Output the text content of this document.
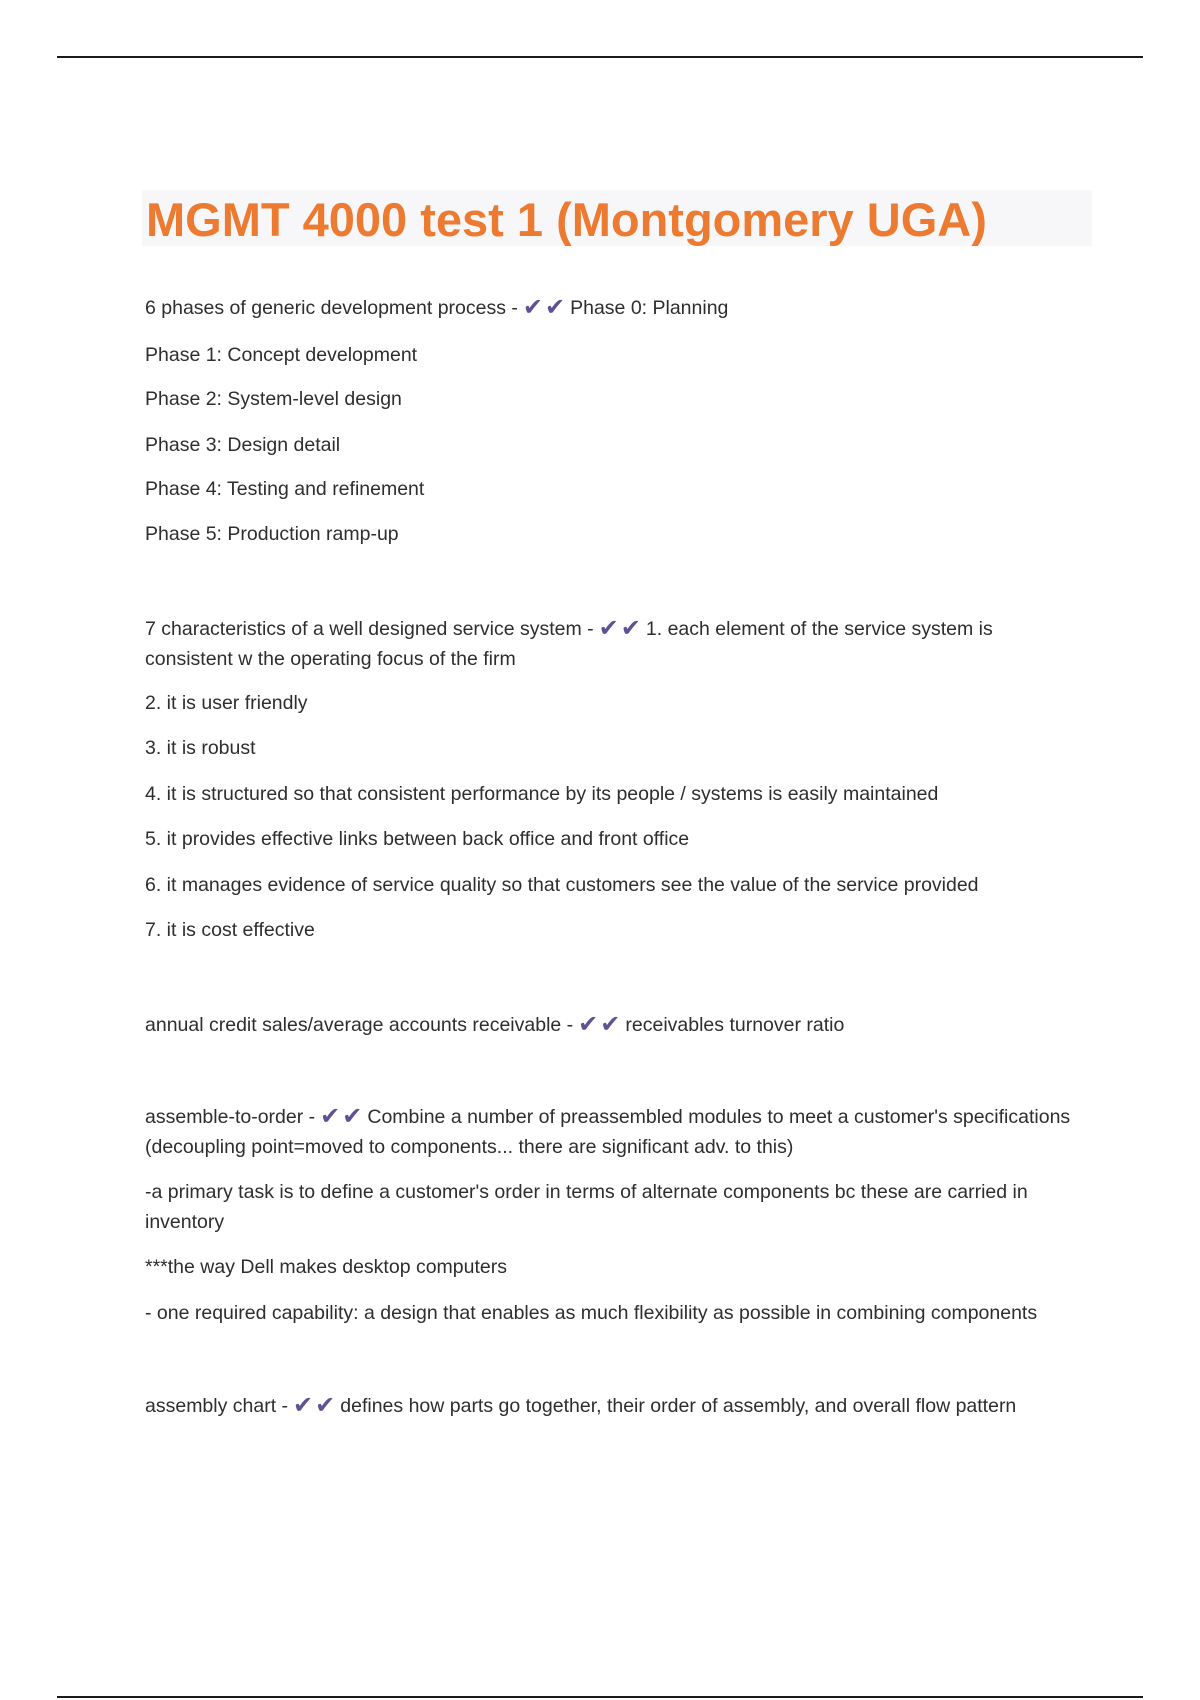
MGMT 4000 test 1 (Montgomery UGA)
6 phases of generic development process - ✔✔ Phase 0: Planning
Phase 1: Concept development
Phase 2: System-level design
Phase 3: Design detail
Phase 4: Testing and refinement
Phase 5: Production ramp-up
7 characteristics of a well designed service system - ✔✔ 1. each element of the service system is consistent w the operating focus of the firm
2. it is user friendly
3. it is robust
4. it is structured so that consistent performance by its people / systems is easily maintained
5. it provides effective links between back office and front office
6. it manages evidence of service quality so that customers see the value of the service provided
7. it is cost effective
annual credit sales/average accounts receivable - ✔✔ receivables turnover ratio
assemble-to-order - ✔✔ Combine a number of preassembled modules to meet a customer's specifications (decoupling point=moved to components... there are significant adv. to this)
-a primary task is to define a customer's order in terms of alternate components bc these are carried in inventory
***the way Dell makes desktop computers
- one required capability: a design that enables as much flexibility as possible in combining components
assembly chart - ✔✔ defines how parts go together, their order of assembly, and overall flow pattern
